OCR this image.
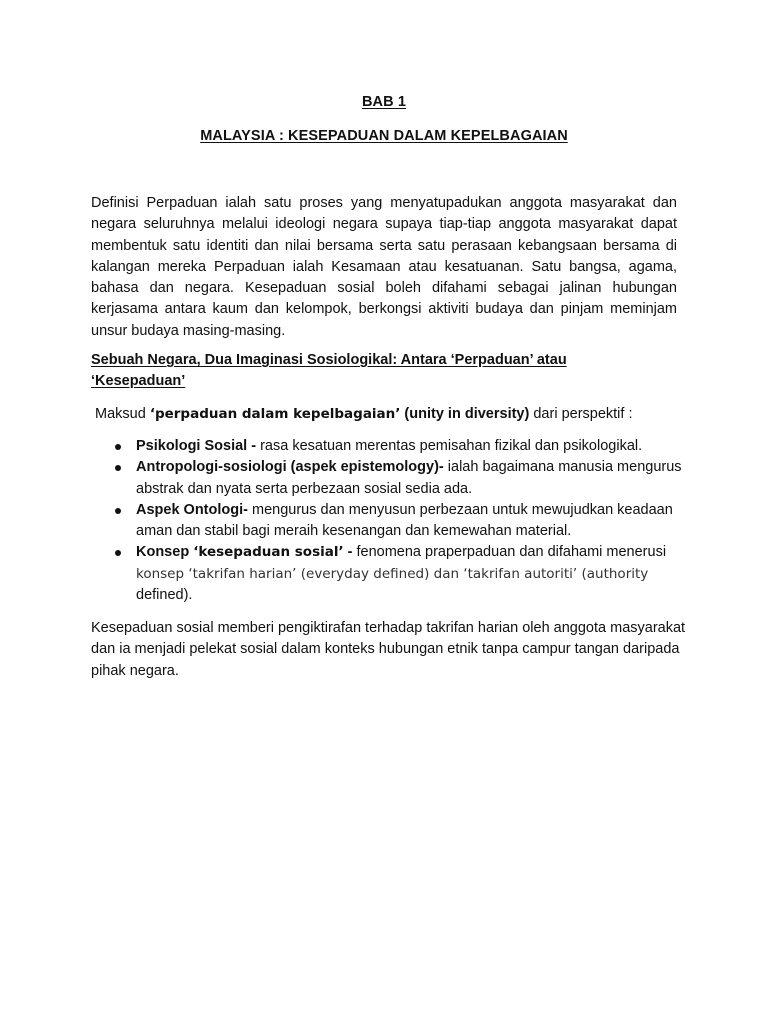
BAB 1
MALAYSIA : KESEPADUAN DALAM KEPELBAGAIAN

Definisi Perpaduan ialah satu proses yang menyatupadukan anggota masyarakat dan negara seluruhnya melalui ideologi negara supaya tiap-tiap anggota masyarakat dapat membentuk satu identiti dan nilai bersama serta satu perasaan kebangsaan bersama di kalangan mereka Perpaduan ialah Kesamaan atau kesatuanan. Satu bangsa, agama, bahasa dan negara. Kesepaduan sosial boleh difahami sebagai jalinan hubungan kerjasama antara kaum dan kelompok, berkongsi aktiviti budaya dan pinjam meminjam unsur budaya masing-masing.

Sebuah Negara, Dua Imaginasi Sosiologikal: Antara ‘Perpaduan’ atau ‘Kesepaduan’

Maksud ‘perpaduan dalam kepelbagaian’ (unity in diversity) dari perspektif :

Psikologi Sosial - rasa kesatuan merentas pemisahan fizikal dan psikologikal.
Antropologi-sosiologi (aspek epistemology)- ialah bagaimana manusia mengurus abstrak dan nyata serta perbezaan sosial sedia ada.
Aspek Ontologi- mengurus dan menyusun perbezaan untuk mewujudkan keadaan aman dan stabil bagi meraih kesenangan dan kemewahan material.
Konsep ‘kesepaduan sosial’ - fenomena praperpaduan dan difahami menerusi
konsep ‘takrifan harian’ (everyday defined) dan ‘takrifan autoriti’ (authority
defined).

Kesepaduan sosial memberi pengiktirafan terhadap takrifan harian oleh anggota masyarakat dan ia menjadi pelekat sosial dalam konteks hubungan etnik tanpa campur tangan daripada pihak negara.
